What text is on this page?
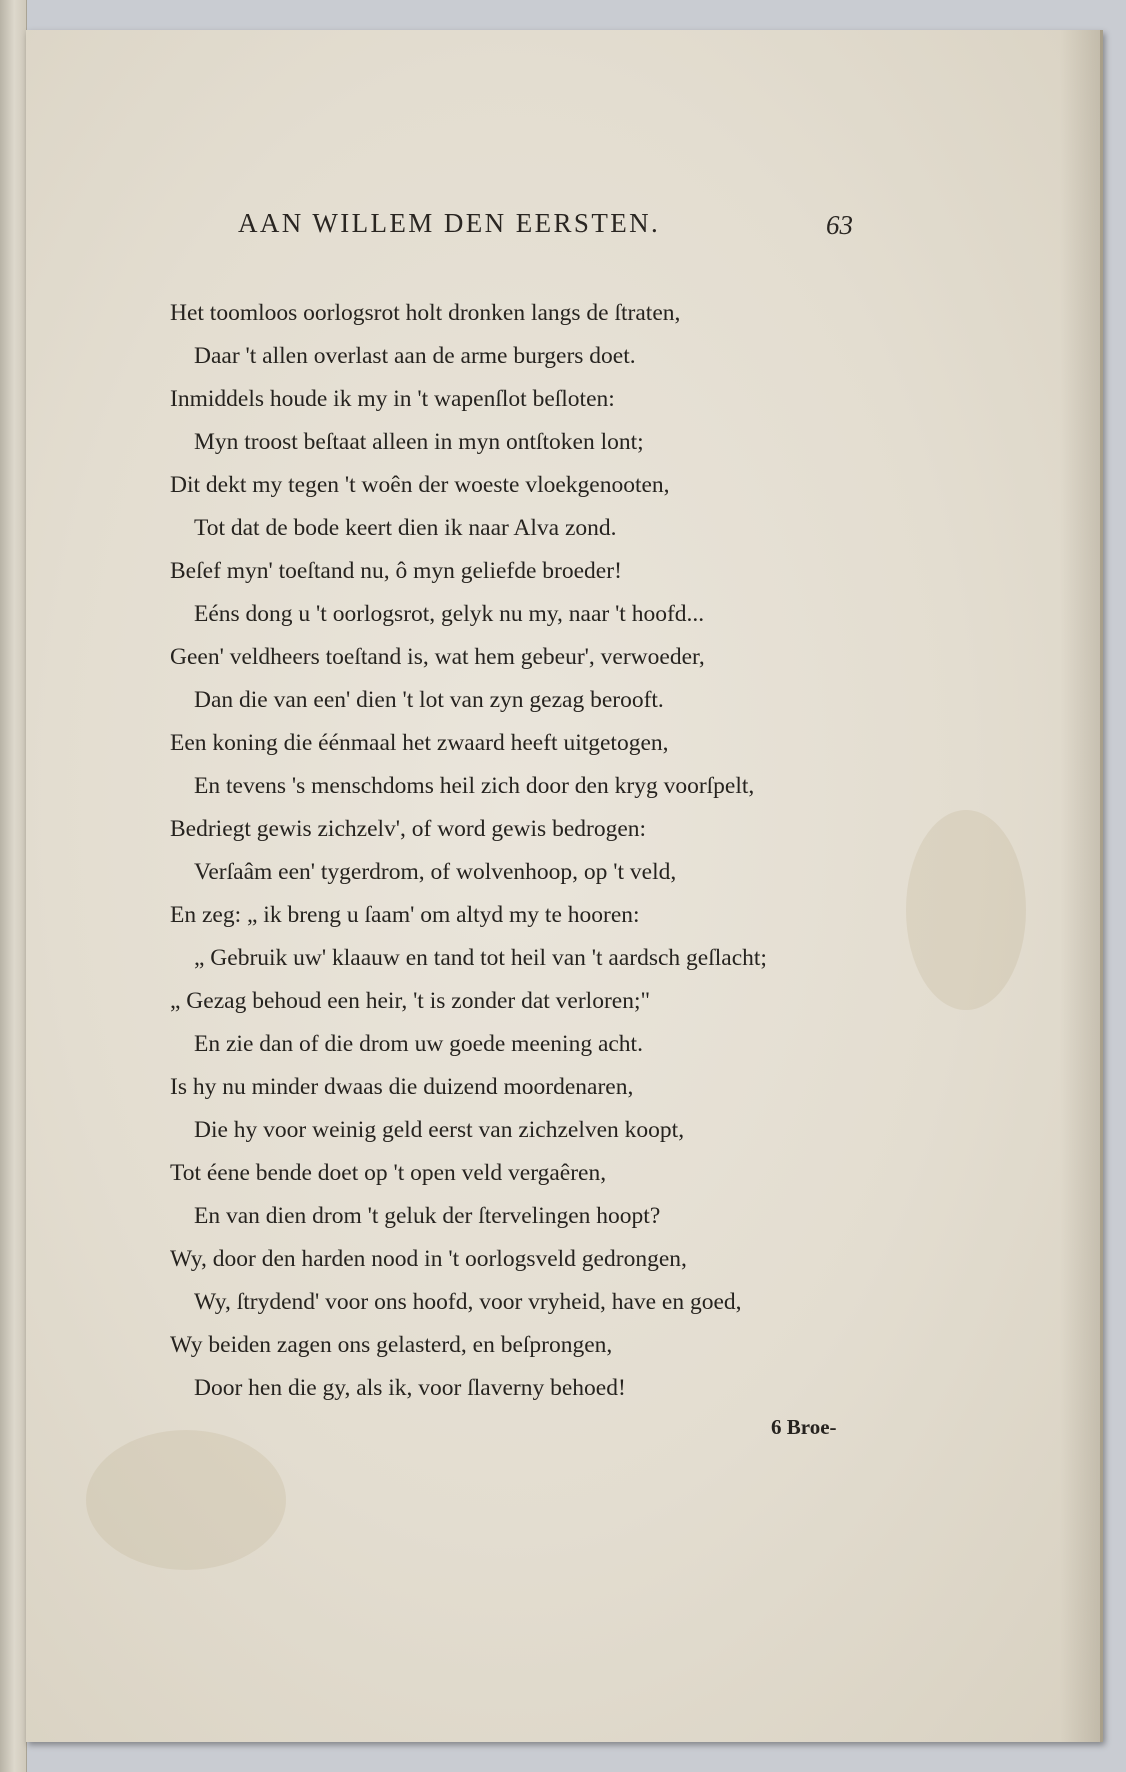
AAN WILLEM DEN EERSTEN.	63
Het toomloos oorlogsrot holt dronken langs de ſtraten,
Daar 't allen overlast aan de arme burgers doet.
Inmiddels houde ik my in 't wapenſlot beſloten:
Myn troost beſtaat alleen in myn ontſtoken lont;
Dit dekt my tegen 't woên der woeste vloekgenooten,
Tot dat de bode keert dien ik naar Alva zond.
Beſef myn' toeſtand nu, ô myn geliefde broeder!
Eéns dong u 't oorlogsrot, gelyk nu my, naar 't hoofd...
Geen' veldheers toeſtand is, wat hem gebeur', verwoeder,
Dan die van een' dien 't lot van zyn gezag berooft.
Een koning die éénmaal het zwaard heeft uitgetogen,
En tevens 's menschdoms heil zich door den kryg voorſpelt,
Bedriegt gewis zichzelv', of word gewis bedrogen:
Verſaâm een' tygerdrom, of wolvenhoop, op 't veld,
En zeg: „ ik breng u ſaam' om altyd my te hooren:
„ Gebruik uw' klaauw en tand tot heil van 't aardsch geſlacht;
„ Gezag behoud een heir, 't is zonder dat verloren;"
En zie dan of die drom uw goede meening acht.
Is hy nu minder dwaas die duizend moordenaren,
Die hy voor weinig geld eerst van zichzelven koopt,
Tot éene bende doet op 't open veld vergaêren,
En van dien drom 't geluk der ſtervelingen hoopt?
Wy, door den harden nood in 't oorlogsveld gedrongen,
Wy, ſtrydend' voor ons hoofd, voor vryheid, have en goed,
Wy beiden zagen ons gelasterd, en beſprongen,
Door hen die gy, als ik, voor ſlaverny behoed!
6 Broe-
